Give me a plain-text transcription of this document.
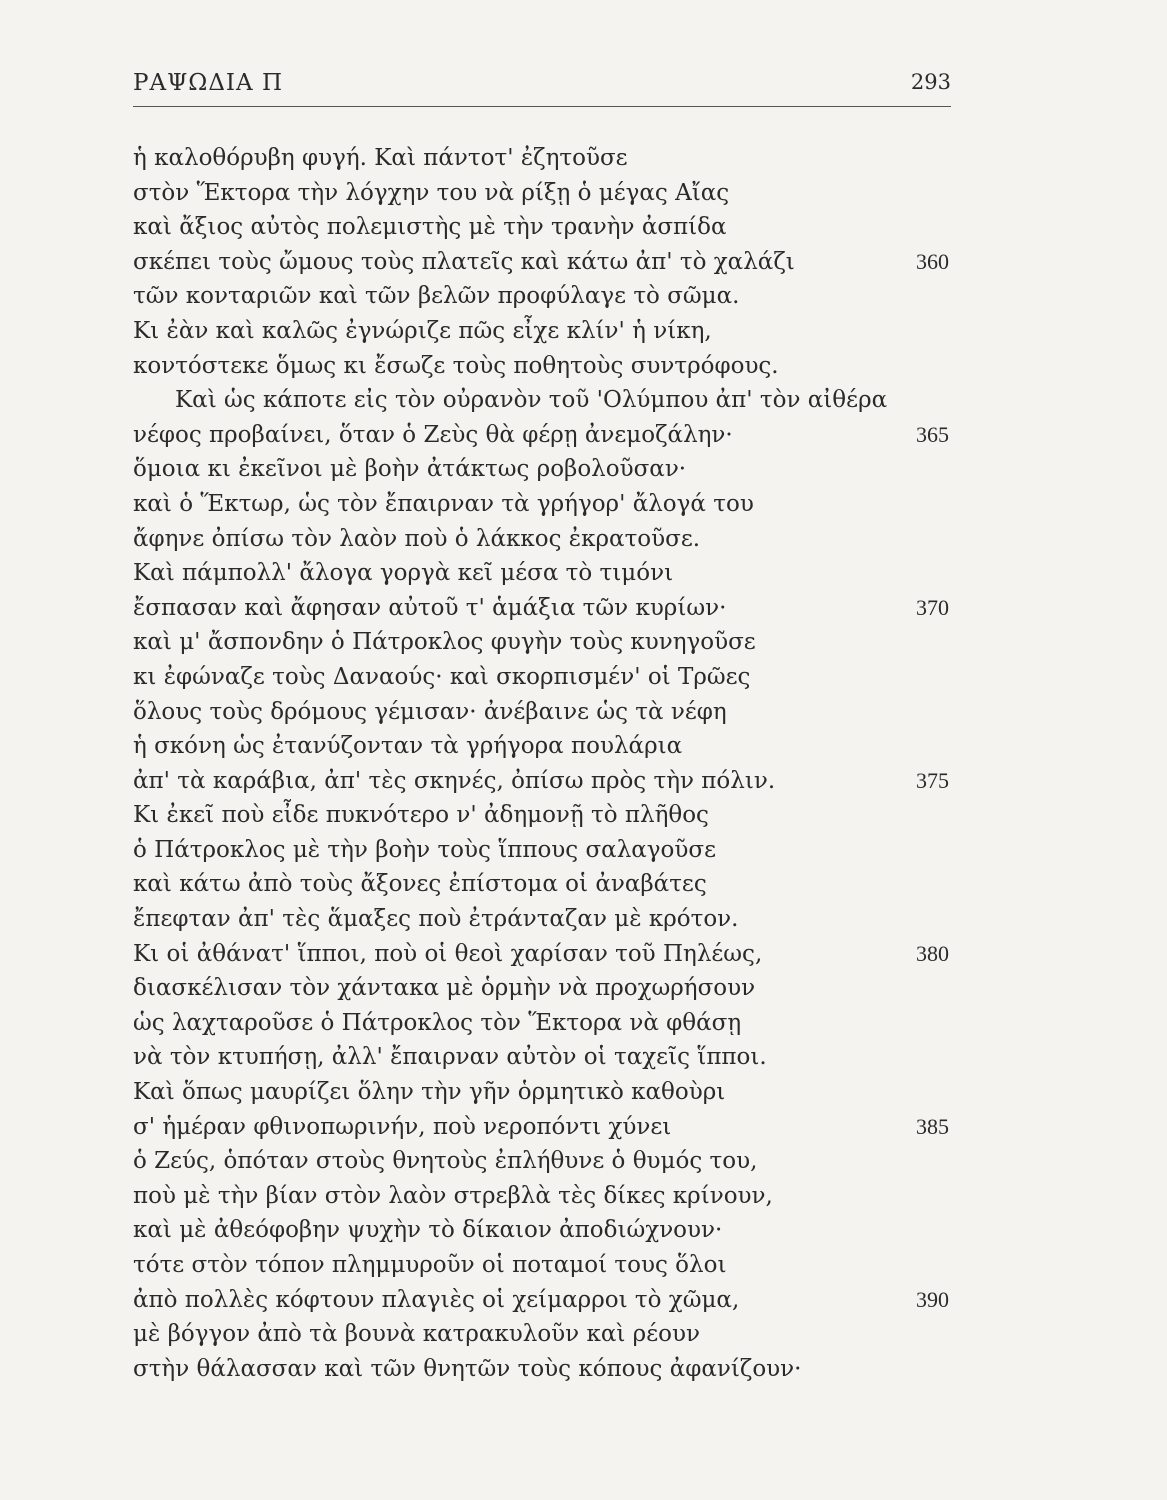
ΡΑΨΩΔΙΑ Π	293
ἡ καλοθόρυβη φυγή. Καὶ πάντοτ' ἐζητοῦσε
στὸν Ἕκτορα τὴν λόγχην του νὰ ρίξῃ ὁ μέγας Αἴας
καὶ ἄξιος αὐτὸς πολεμιστὴς μὲ τὴν τρανὴν ἀσπίδα
σκέπει τοὺς ὤμους τοὺς πλατεῖς καὶ κάτω ἀπ' τὸ χαλάζι	360
τῶν κονταριῶν καὶ τῶν βελῶν προφύλαγε τὸ σῶμα.
Κι ἐὰν καὶ καλῶς ἐγνώριζε πῶς εἶχε κλίν' ἡ νίκη,
κοντόστεκε ὅμως κι ἔσωζε τοὺς ποθητοὺς συντρόφους.
Καὶ ὡς κάποτε εἰς τὸν οὐρανὸν τοῦ 'Ολύμπου ἀπ' τὸν αἰθέρα
νέφος προβαίνει, ὅταν ὁ Ζεὺς θὰ φέρῃ ἀνεμοζάλην·	365
ὅμοια κι ἐκεῖνοι μὲ βοὴν ἀτάκτως ροβολοῦσαν·
καὶ ὁ Ἕκτωρ, ὡς τὸν ἔπαιρναν τὰ γρήγορ' ἄλογά του
ἄφηνε ὀπίσω τὸν λαὸν ποὺ ὁ λάκκος ἐκρατοῦσε.
Καὶ πάμπολλ' ἄλογα γοργὰ κεῖ μέσα τὸ τιμόνι
ἔσπασαν καὶ ἄφησαν αὐτοῦ τ' ἁμάξια τῶν κυρίων·	370
καὶ μ' ἄσπονδην ὁ Πάτροκλος φυγὴν τοὺς κυνηγοῦσε
κι ἐφώναζε τοὺς Δαναούς· καὶ σκορπισμέν' οἱ Τρῶες
ὅλους τοὺς δρόμους γέμισαν· ἀνέβαινε ὡς τὰ νέφη
ἡ σκόνη ὡς ἐτανύζονταν τὰ γρήγορα πουλάρια
ἀπ' τὰ καράβια, ἀπ' τὲς σκηνές, ὀπίσω πρὸς τὴν πόλιν.	375
Κι ἐκεῖ ποὺ εἶδε πυκνότερο ν' ἀδημονῇ τὸ πλῆθος
ὁ Πάτροκλος μὲ τὴν βοὴν τοὺς ἵππους σαλαγοῦσε
καὶ κάτω ἀπὸ τοὺς ἄξονες ἐπίστομα οἱ ἀναβάτες
ἔπεφταν ἀπ' τὲς ἅμαξες ποὺ ἐτράνταζαν μὲ κρότον.
Κι οἱ ἀθάνατ' ἵπποι, ποὺ οἱ θεοὶ χαρίσαν τοῦ Πηλέως,	380
διασκέλισαν τὸν χάντακα μὲ ὁρμὴν νὰ προχωρήσουν
ὡς λαχταροῦσε ὁ Πάτροκλος τὸν Ἕκτορα νὰ φθάσῃ
νὰ τὸν κτυπήσῃ, ἀλλ' ἔπαιρναν αὐτὸν οἱ ταχεῖς ἵπποι.
Καὶ ὅπως μαυρίζει ὅλην τὴν γῆν ὁρμητικὸ καθοὺρι
σ' ἡμέραν φθινοπωρινήν, ποὺ νεροπόντι χύνει	385
ὁ Ζεύς, ὁπόταν στοὺς θνητοὺς ἐπλήθυνε ὁ θυμός του,
ποὺ μὲ τὴν βίαν στὸν λαὸν στρεβλὰ τὲς δίκες κρίνουν,
καὶ μὲ ἀθεόφοβην ψυχὴν τὸ δίκαιον ἀποδιώχνουν·
τότε στὸν τόπον πλημμυροῦν οἱ ποταμοί τους ὅλοι
ἀπὸ πολλὲς κόφτουν πλαγιὲς οἱ χείμαρροι τὸ χῶμα,	390
μὲ βόγγον ἀπὸ τὰ βουνὰ κατρακυλοῦν καὶ ρέουν
στὴν θάλασσαν καὶ τῶν θνητῶν τοὺς κόπους ἀφανίζουν·
